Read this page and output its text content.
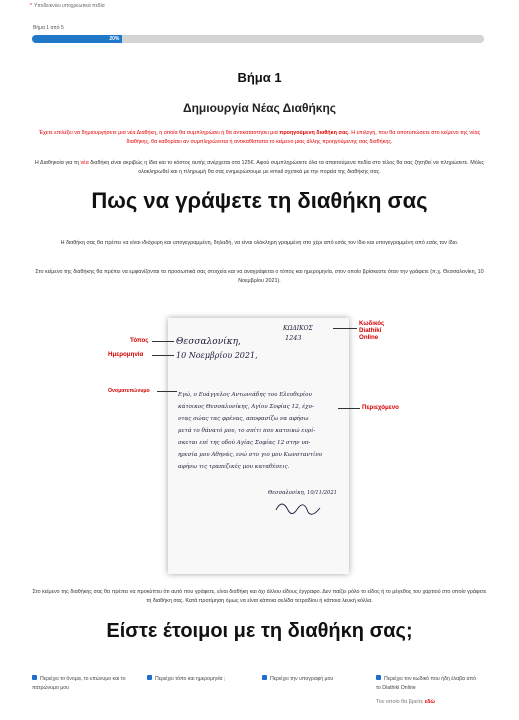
* Υποδεικνύει υποχρεωτικά πεδία
Βήμα 1 από 5
20%
Βήμα 1
Δημιουργία Νέας Διαθήκης
Έχετε επιλέξει να δημιουργήσετε μια νέα Διαθήκη, η οποία θα συμπληρώσει ή θα αντικαταστήσει μια προηγούμενη διαθήκη σας. Η επιλογή, που θα αποτυπώσετε στο κείμενο της νέας διαθήκης, θα καθορίσει αν συμπληρώνεται ή αντικαθίσταται το κείμενο μιας άλλης προηγούμενης σας διαθήκης.
Η Διαθηκοία για τη νέα διαθήκη είναι ακριβώς η ίδια και το κόστος αυτής ανέρχεται στα 125€. Αφού συμπληρώσετε όλα τα απαιτούμενα πεδία στο τέλος θα σας ζητηθεί να πληρώσετε. Μόλις ολοκληρωθεί και η πληρωμή θα σας ενημερώσουμε με email σχετικά με την πορεία της διαθήκης σας.
Πως να γράψετε τη διαθήκη σας
Η διαθήκη σας θα πρέπει να είναι ιδιόχειρη και υπογεγραμμένη, δηλαδή, να είναι ολόκληρη γραμμένη στο χέρι από εσάς τον ίδιο και υπογεγραμμένη από εσάς τον ίδιο.
Στο κείμενο της διαθήκης θα πρέπει να εμφανίζονται τα προσωπικά σας στοιχεία και να αναγράφεται ο τόπος και ημερομηνία, στον οποίο βρίσκεστε όταν την γράφετε (π.χ. Θεσσαλονίκη, 10 Νοεμβρίου 2021).
Θεσσαλονίκη,
10 Νοεμβρίου 2021,
ΚΩΔΙΚΟΣ
1243
Εγώ, ο Ευάγγελος Αντωνιάδης του Ελευθερίου
κάτοικος Θεσσαλονίκης, Αγίου Σοφίας 12, έχο-
ντας σώας τας φρένας, αποφασίζω να αφήσω
μετά το θάνατό μου, το σπίτι που κατοικώ ευρί-
σκεται επί της οδού Αγίας Σοφίας 12 στην υπ-
ηρεσία μου Αθηνάς, ενώ στο γιο μου Κωνσταντίνο
αφήνω τις τραπεζικές μου καταθέσεις.
Θεσσαλονίκη, 10/11/2021
Τόπος
Ημερομηνία
Ονοματεπώνυμο
Κωδικός Diathiki Online
Περιεχόμενο
Στο κείμενο της διαθήκης σας θα πρέπει να προκύπτει ότι αυτό που γράφετε, είναι διαθήκη και όχι άλλου είδους έγγραφο. Δεν παίζει ρόλο το είδος ή το μέγεθος του χαρτιού στο οποίο γράφετε τη διαθήκη σας. Κατά προτίμηση όμως να είναι κάποια σελίδα τετραδίου ή κάποια λευκή κόλλα.
Είστε έτοιμοι με τη διαθήκη σας;
Περιέχει το όνομα, το επώνυμο και το πατρώνυμο μου
Περιέχει τόπο και ημερομηνία ;	Περιέχει την υπογραφή μου	Περιέχει τον κωδικό που ήδη έλαβα από το Diathiki Online
Τον οποίο θα βρείτε εδώ
